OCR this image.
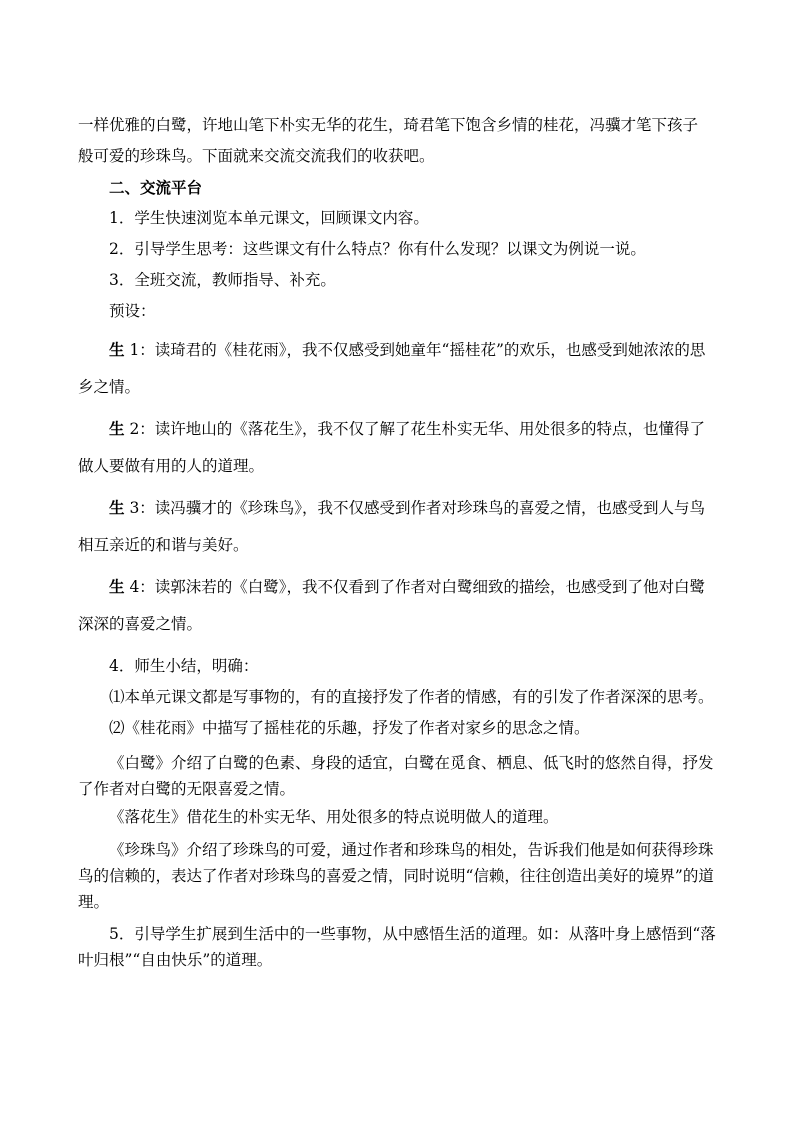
一样优雅的白鹭，许地山笔下朴实无华的花生，琦君笔下饱含乡情的桂花，冯骥才笔下孩子

般可爱的珍珠鸟。下面就来交流交流我们的收获吧。

二、交流平台

1．学生快速浏览本单元课文，回顾课文内容。

2．引导学生思考：这些课文有什么特点？你有什么发现？以课文为例说一说。

3．全班交流，教师指导、补充。

预设：

生 1：读琦君的《桂花雨》，我不仅感受到她童年“摇桂花”的欢乐，也感受到她浓浓的思乡之情。

生 2：读许地山的《落花生》，我不仅了解了花生朴实无华、用处很多的特点，也懂得了做人要做有用的人的道理。

生 3：读冯骥才的《珍珠鸟》，我不仅感受到作者对珍珠鸟的喜爱之情，也感受到人与鸟相互亲近的和谐与美好。

生 4：读郭沫若的《白鹭》，我不仅看到了作者对白鹭细致的描绘，也感受到了他对白鹭深深的喜爱之情。

4．师生小结，明确：

⑴本单元课文都是写事物的，有的直接抒发了作者的情感，有的引发了作者深深的思考。

⑵《桂花雨》中描写了摇桂花的乐趣，抒发了作者对家乡的思念之情。

《白鹭》介绍了白鹭的色素、身段的适宜，白鹭在觅食、栖息、低飞时的悠然自得，抒发了作者对白鹭的无限喜爱之情。

《落花生》借花生的朴实无华、用处很多的特点说明做人的道理。

《珍珠鸟》介绍了珍珠鸟的可爱，通过作者和珍珠鸟的相处，告诉我们他是如何获得珍珠鸟的信赖的，表达了作者对珍珠鸟的喜爱之情，同时说明“信赖，往往创造出美好的境界”的道理。

5．引导学生扩展到生活中的一些事物，从中感悟生活的道理。如：从落叶身上感悟到“落叶归根”“自由快乐”的道理。
